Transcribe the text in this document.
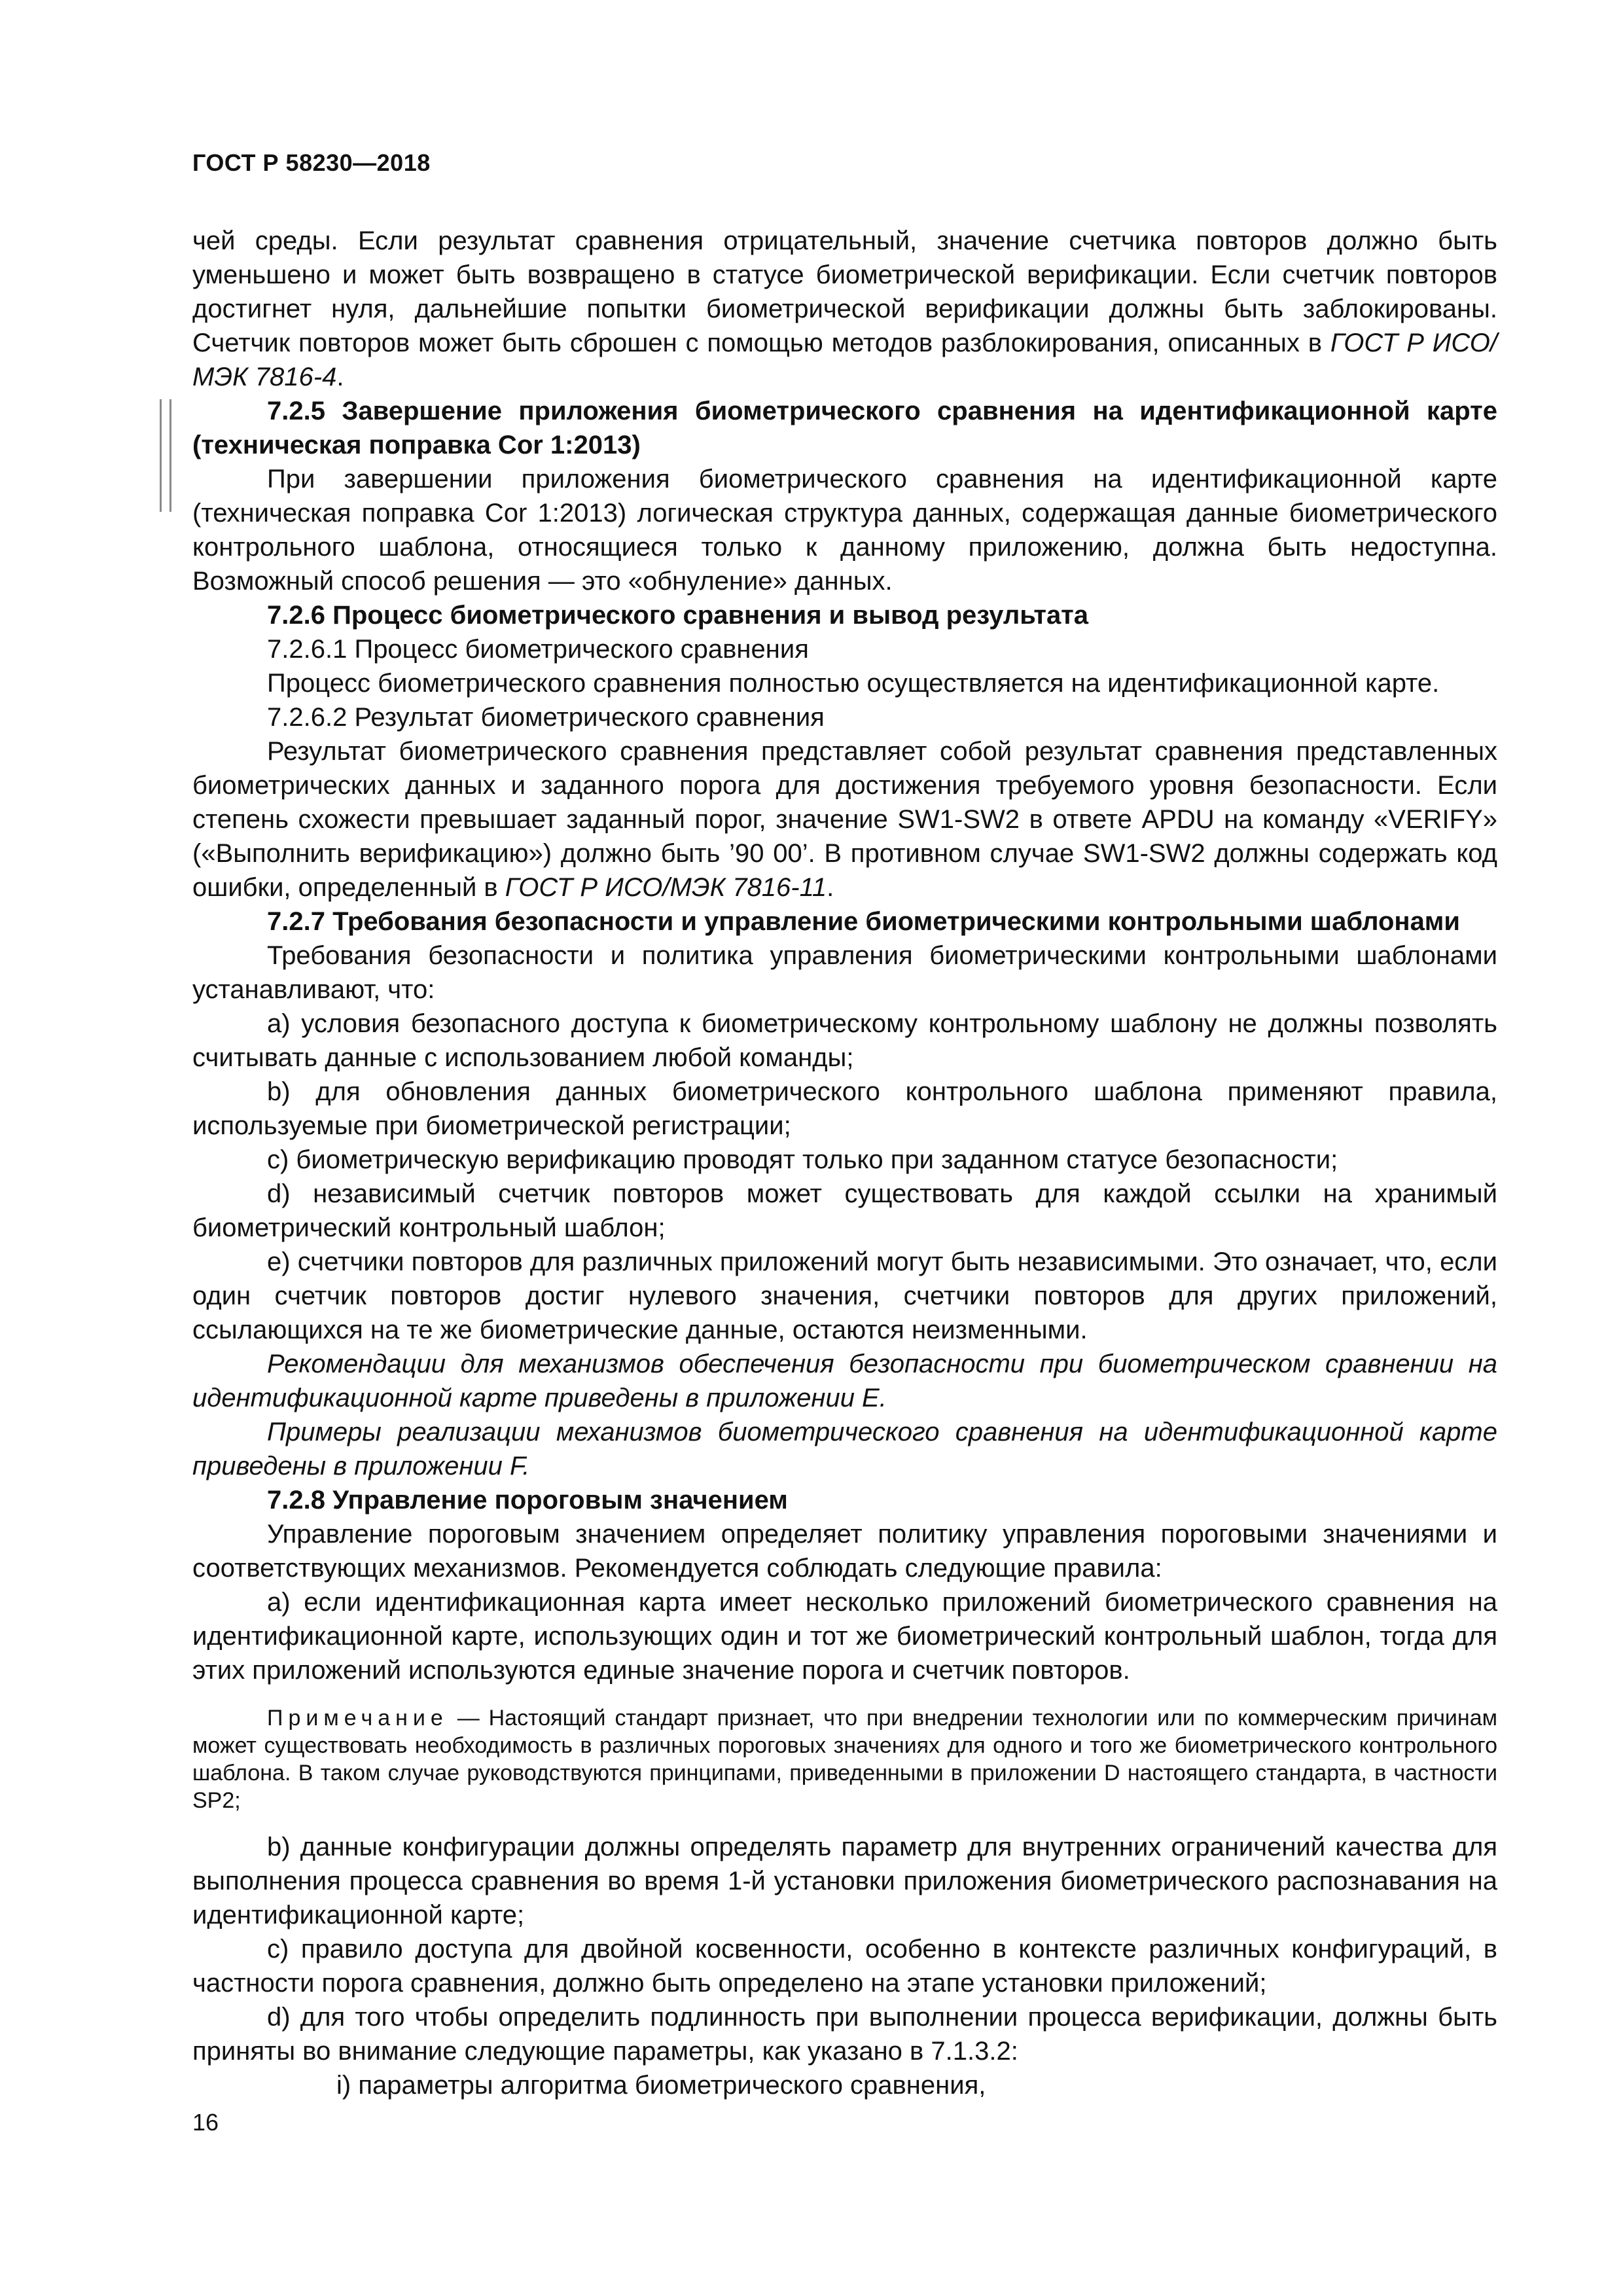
ГОСТ Р 58230—2018

чей среды. Если результат сравнения отрицательный, значение счетчика повторов должно быть уменьшено и может быть возвращено в статусе биометрической верификации. Если счетчик повторов достигнет нуля, дальнейшие попытки биометрической верификации должны быть заблокированы. Счетчик повторов может быть сброшен с помощью методов разблокирования, описанных в ГОСТ Р ИСО/МЭК 7816-4.

7.2.5 Завершение приложения биометрического сравнения на идентификационной карте (техническая поправка Cor 1:2013)

При завершении приложения биометрического сравнения на идентификационной карте (техническая поправка Cor 1:2013) логическая структура данных, содержащая данные биометрического контрольного шаблона, относящиеся только к данному приложению, должна быть недоступна. Возможный способ решения — это «обнуление» данных.

7.2.6 Процесс биометрического сравнения и вывод результата

7.2.6.1 Процесс биометрического сравнения

Процесс биометрического сравнения полностью осуществляется на идентификационной карте.

7.2.6.2 Результат биометрического сравнения

Результат биометрического сравнения представляет собой результат сравнения представленных биометрических данных и заданного порога для достижения требуемого уровня безопасности. Если степень схожести превышает заданный порог, значение SW1-SW2 в ответе APDU на команду «VERIFY» («Выполнить верификацию») должно быть ’90 00’. В противном случае SW1-SW2 должны содержать код ошибки, определенный в ГОСТ Р ИСО/МЭК 7816-11.

7.2.7 Требования безопасности и управление биометрическими контрольными шаблонами

Требования безопасности и политика управления биометрическими контрольными шаблонами устанавливают, что:

a) условия безопасного доступа к биометрическому контрольному шаблону не должны позволять считывать данные с использованием любой команды;

b) для обновления данных биометрического контрольного шаблона применяют правила, используемые при биометрической регистрации;

c) биометрическую верификацию проводят только при заданном статусе безопасности;

d) независимый счетчик повторов может существовать для каждой ссылки на хранимый биометрический контрольный шаблон;

e) счетчики повторов для различных приложений могут быть независимыми. Это означает, что, если один счетчик повторов достиг нулевого значения, счетчики повторов для других приложений, ссылающихся на те же биометрические данные, остаются неизменными.

Рекомендации для механизмов обеспечения безопасности при биометрическом сравнении на идентификационной карте приведены в приложении E.

Примеры реализации механизмов биометрического сравнения на идентификационной карте приведены в приложении F.

7.2.8 Управление пороговым значением

Управление пороговым значением определяет политику управления пороговыми значениями и соответствующих механизмов. Рекомендуется соблюдать следующие правила:

a) если идентификационная карта имеет несколько приложений биометрического сравнения на идентификационной карте, использующих один и тот же биометрический контрольный шаблон, тогда для этих приложений используются единые значение порога и счетчик повторов.

Примечание — Настоящий стандарт признает, что при внедрении технологии или по коммерческим причинам может существовать необходимость в различных пороговых значениях для одного и того же биометрического контрольного шаблона. В таком случае руководствуются принципами, приведенными в приложении D настоящего стандарта, в частности SP2;

b) данные конфигурации должны определять параметр для внутренних ограничений качества для выполнения процесса сравнения во время 1-й установки приложения биометрического распознавания на идентификационной карте;

c) правило доступа для двойной косвенности, особенно в контексте различных конфигураций, в частности порога сравнения, должно быть определено на этапе установки приложений;

d) для того чтобы определить подлинность при выполнении процесса верификации, должны быть приняты во внимание следующие параметры, как указано в 7.1.3.2:

i) параметры алгоритма биометрического сравнения,

16
